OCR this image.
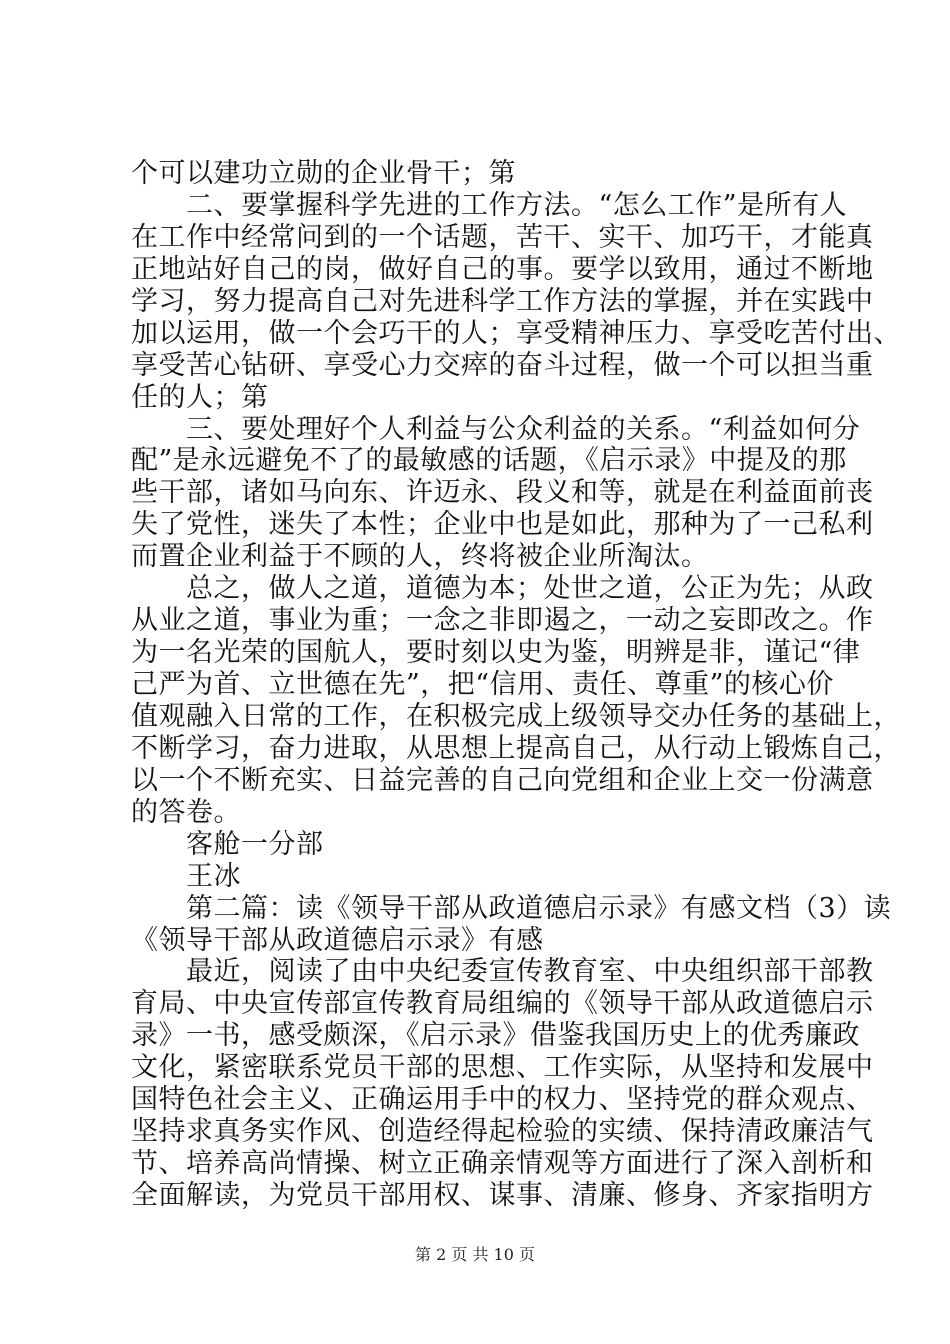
个可以建功立勋的企业骨干；第
　　二、要掌握科学先进的工作方法。“怎么工作”是所有人
在工作中经常问到的一个话题，苦干、实干、加巧干，才能真
正地站好自己的岗，做好自己的事。要学以致用，通过不断地
学习，努力提高自己对先进科学工作方法的掌握，并在实践中
加以运用，做一个会巧干的人；享受精神压力、享受吃苦付出、
享受苦心钻研、享受心力交瘁的奋斗过程，做一个可以担当重
任的人；第
　　三、要处理好个人利益与公众利益的关系。“利益如何分
配”是永远避免不了的最敏感的话题，《启示录》中提及的那
些干部，诸如马向东、许迈永、段义和等，就是在利益面前丧
失了党性，迷失了本性；企业中也是如此，那种为了一己私利
而置企业利益于不顾的人，终将被企业所淘汰。
　　总之，做人之道，道德为本；处世之道，公正为先；从政
从业之道，事业为重；一念之非即遏之，一动之妄即改之。作
为一名光荣的国航人，要时刻以史为鉴，明辨是非，谨记“律
己严为首、立世德在先”，把“信用、责任、尊重”的核心价
值观融入日常的工作，在积极完成上级领导交办任务的基础上，
不断学习，奋力进取，从思想上提高自己，从行动上锻炼自己，
以一个不断充实、日益完善的自己向党组和企业上交一份满意
的答卷。
　　客舱一分部
　　王冰
　　第二篇：读《领导干部从政道德启示录》有感文档（3）读
《领导干部从政道德启示录》有感
　　最近，阅读了由中央纪委宣传教育室、中央组织部干部教
育局、中央宣传部宣传教育局组编的《领导干部从政道德启示
录》一书，感受颇深，《启示录》借鉴我国历史上的优秀廉政
文化，紧密联系党员干部的思想、工作实际，从坚持和发展中
国特色社会主义、正确运用手中的权力、坚持党的群众观点、
坚持求真务实作风、创造经得起检验的实绩、保持清政廉洁气
节、培养高尚情操、树立正确亲情观等方面进行了深入剖析和
全面解读，为党员干部用权、谋事、清廉、修身、齐家指明方
第 2 页 共 10 页
